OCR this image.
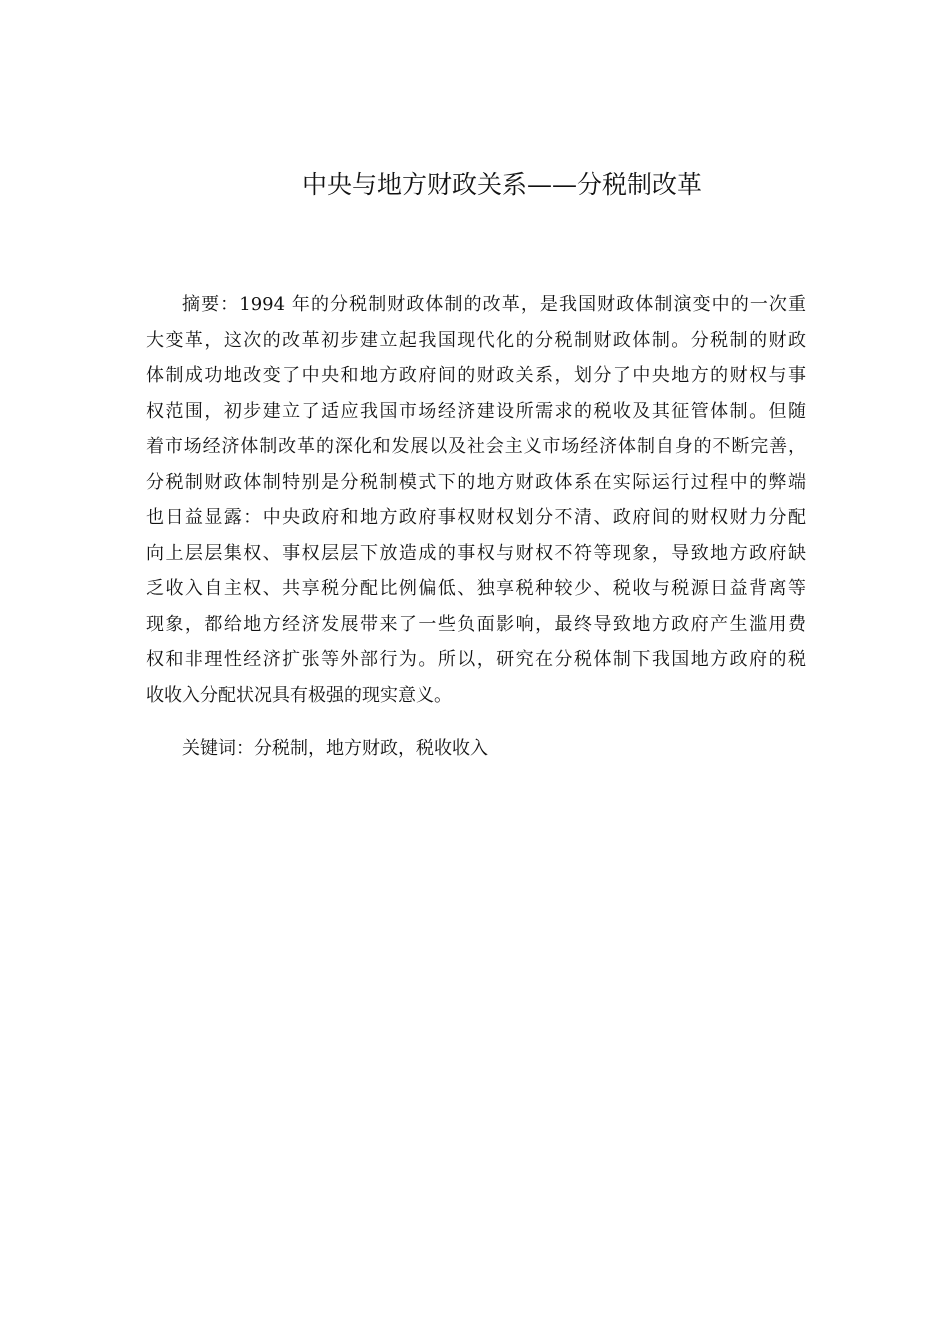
中央与地方财政关系——分税制改革
摘要：1994 年的分税制财政体制的改革，是我国财政体制演变中的一次重
大变革，这次的改革初步建立起我国现代化的分税制财政体制。分税制的财政
体制成功地改变了中央和地方政府间的财政关系，划分了中央地方的财权与事
权范围，初步建立了适应我国市场经济建设所需求的税收及其征管体制。但随
着市场经济体制改革的深化和发展以及社会主义市场经济体制自身的不断完善，
分税制财政体制特别是分税制模式下的地方财政体系在实际运行过程中的弊端
也日益显露：中央政府和地方政府事权财权划分不清、政府间的财权财力分配
向上层层集权、事权层层下放造成的事权与财权不符等现象，导致地方政府缺
乏收入自主权、共享税分配比例偏低、独享税种较少、税收与税源日益背离等
现象，都给地方经济发展带来了一些负面影响，最终导致地方政府产生滥用费
权和非理性经济扩张等外部行为。所以，研究在分税体制下我国地方政府的税
收收入分配状况具有极强的现实意义。
关键词：分税制，地方财政，税收收入
